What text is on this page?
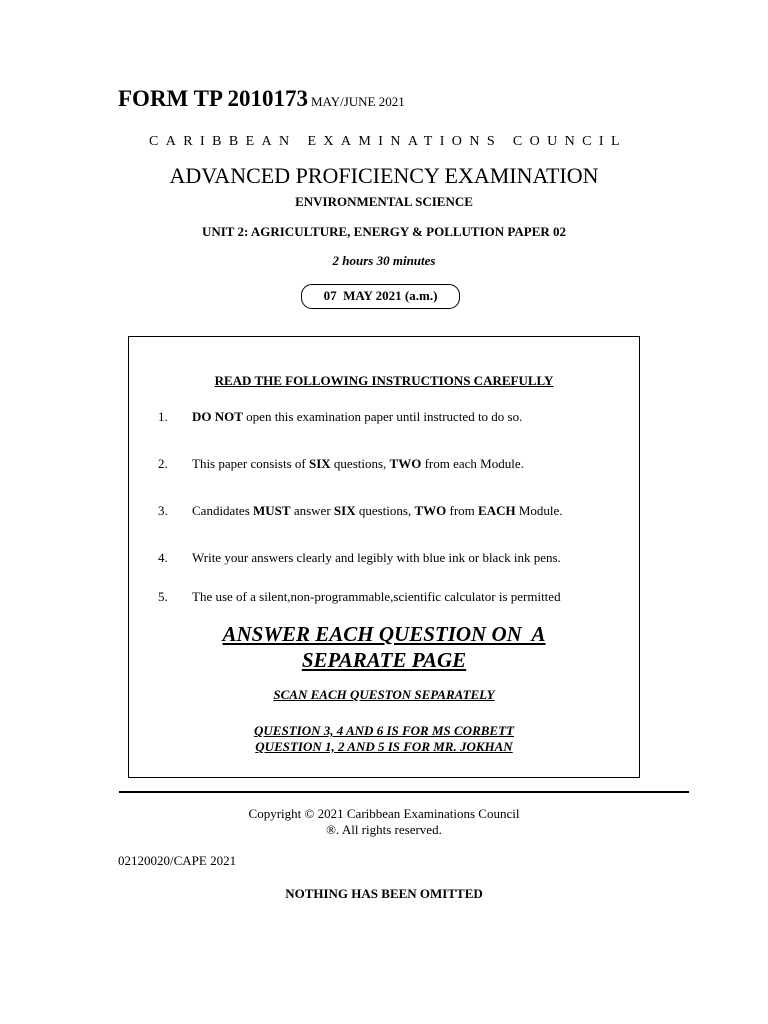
FORM TP 2010173 MAY/JUNE 2021
CARIBBEAN EXAMINATIONS COUNCIL
ADVANCED PROFICIENCY EXAMINATION
ENVIRONMENTAL SCIENCE
UNIT 2: AGRICULTURE, ENERGY & POLLUTION PAPER 02
2 hours 30 minutes
07  MAY 2021 (a.m.)
READ THE FOLLOWING INSTRUCTIONS CAREFULLY
1. DO NOT open this examination paper until instructed to do so.
2. This paper consists of SIX questions, TWO from each Module.
3. Candidates MUST answer SIX questions, TWO from EACH Module.
4. Write your answers clearly and legibly with blue ink or black ink pens.
5. The use of a silent,non-programmable,scientific calculator is permitted
ANSWER EACH QUESTION ON  A
SEPARATE PAGE
SCAN EACH QUESTON SEPARATELY
QUESTION 3, 4 AND 6 IS FOR MS CORBETT
QUESTION 1, 2 AND 5 IS FOR MR. JOKHAN
Copyright © 2021 Caribbean Examinations Council
®. All rights reserved.
02120020/CAPE 2021
NOTHING HAS BEEN OMITTED
